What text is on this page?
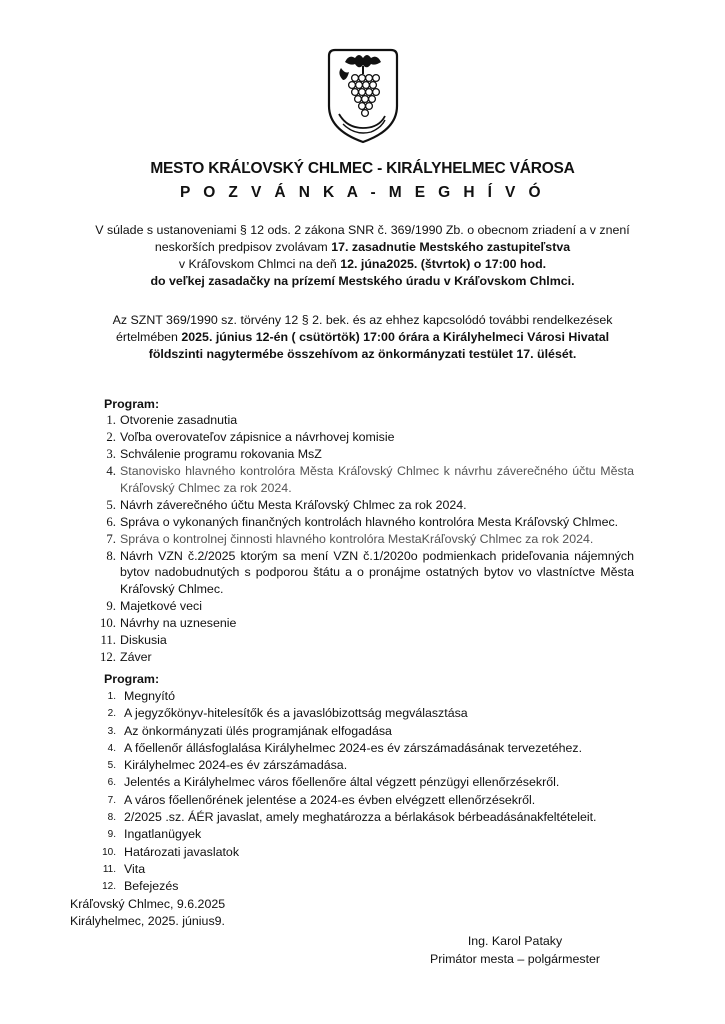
MESTO KRÁĽOVSKÝ CHLMEC - KIRÁLYHELMEC VÁROSA
P O Z V Á N K A - M E G H Í V Ó
V súlade s ustanoveniami § 12 ods. 2 zákona SNR č. 369/1990 Zb. o obecnom zriadení a v znení
neskorších predpisov zvolávam 17. zasadnutie Mestského zastupiteľstva
v Kráľovskom Chlmci na deň 12. júna2025. (štvrtok) o 17:00 hod.
do veľkej zasadačky na prízemí Mestského úradu v Kráľovskom Chlmci.
Az SZNT 369/1990 sz. törvény 12 § 2. bek. és az ehhez kapcsolódó további rendelkezések
értelmében 2025. június 12-én ( csütörtök) 17:00 órára a Királyhelmeci Városi Hivatal
földszinti nagytermébe összehívom az önkormányzati testület 17. ülését.
Program:
1. Otvorenie zasadnutia
2. Voľba overovateľov zápisnice a návrhovej komisie
3. Schválenie programu rokovania MsZ
4. Stanovisko hlavného kontrolóra Města Kráľovský Chlmec k návrhu záverečného účtu Města Kráľovský Chlmec za rok 2024.
5. Návrh záverečného účtu Mesta Kráľovský Chlmec za rok 2024.
6. Správa o vykonaných finančných kontrolách hlavného kontrolóra Mesta Kráľovský Chlmec.
7. Správa o kontrolnej činnosti hlavného kontrolóra MestaKráľovský Chlmec za rok 2024.
8. Návrh VZN č.2/2025 ktorým sa mení VZN č.1/2020o podmienkach prideľovania nájemných bytov nadobudnutých s podporou štátu a o pronájme ostatných bytov vo vlastníctve Města Kráľovský Chlmec.
9. Majetkové veci
10. Návrhy na uznesenie
11. Diskusia
12. Záver
Program:
1. Megnyító
2. A jegyzőkönyv-hitelesítők és a javaslóbizottság megválasztása
3. Az önkormányzati ülés programjának elfogadása
4. A főellenőr állásfoglalása Királyhelmec 2024-es év zárszámadásának tervezetéhez.
5. Királyhelmec 2024-es év zárszámadása.
6. Jelentés a Királyhelmec város főellenőre által végzett pénzügyi ellenőrzésekről.
7. A város főellenőrének jelentése a 2024-es évben elvégzett ellenőrzésekről.
8. 2/2025 .sz. ÁÉR javaslat, amely meghatározza a bérlakások bérbeadásánakfeltételeit.
9. Ingatlanügyek
10. Határozati javaslatok
11. Vita
12. Befejezés
Kráľovský Chlmec, 9.6.2025
Királyhelmec, 2025. június9.
Ing. Karol Pataky
Primátor mesta – polgármester
